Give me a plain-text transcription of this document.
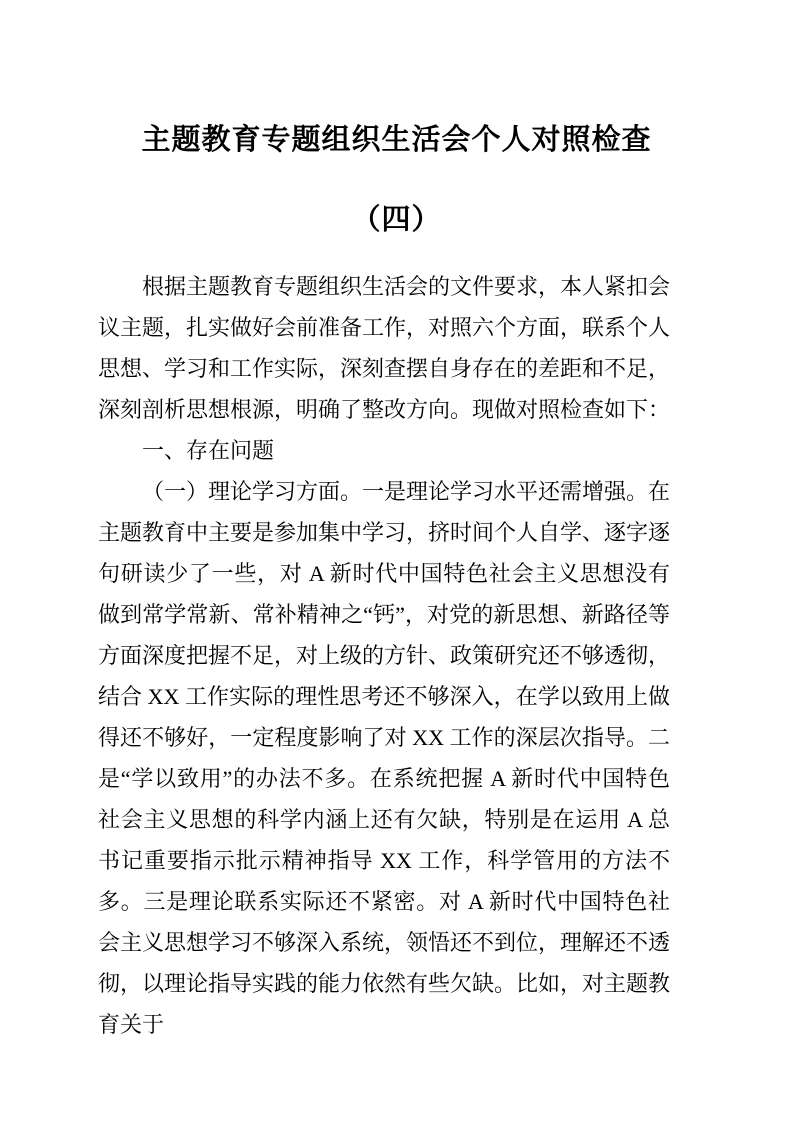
主题教育专题组织生活会个人对照检查
（四）

根据主题教育专题组织生活会的文件要求，本人紧扣会议主题，扎实做好会前准备工作，对照六个方面，联系个人思想、学习和工作实际，深刻查摆自身存在的差距和不足，深刻剖析思想根源，明确了整改方向。现做对照检查如下：

一、存在问题

（一）理论学习方面。一是理论学习水平还需增强。在主题教育中主要是参加集中学习，挤时间个人自学、逐字逐句研读少了一些，对 A 新时代中国特色社会主义思想没有做到常学常新、常补精神之“钙”，对党的新思想、新路径等方面深度把握不足，对上级的方针、政策研究还不够透彻，结合 XX 工作实际的理性思考还不够深入，在学以致用上做得还不够好，一定程度影响了对 XX 工作的深层次指导。二是“学以致用”的办法不多。在系统把握 A 新时代中国特色社会主义思想的科学内涵上还有欠缺，特别是在运用 A 总书记重要指示批示精神指导 XX 工作，科学管用的方法不多。三是理论联系实际还不紧密。对 A 新时代中国特色社会主义思想学习不够深入系统，领悟还不到位，理解还不透彻，以理论指导实践的能力依然有些欠缺。比如，对主题教育关于
